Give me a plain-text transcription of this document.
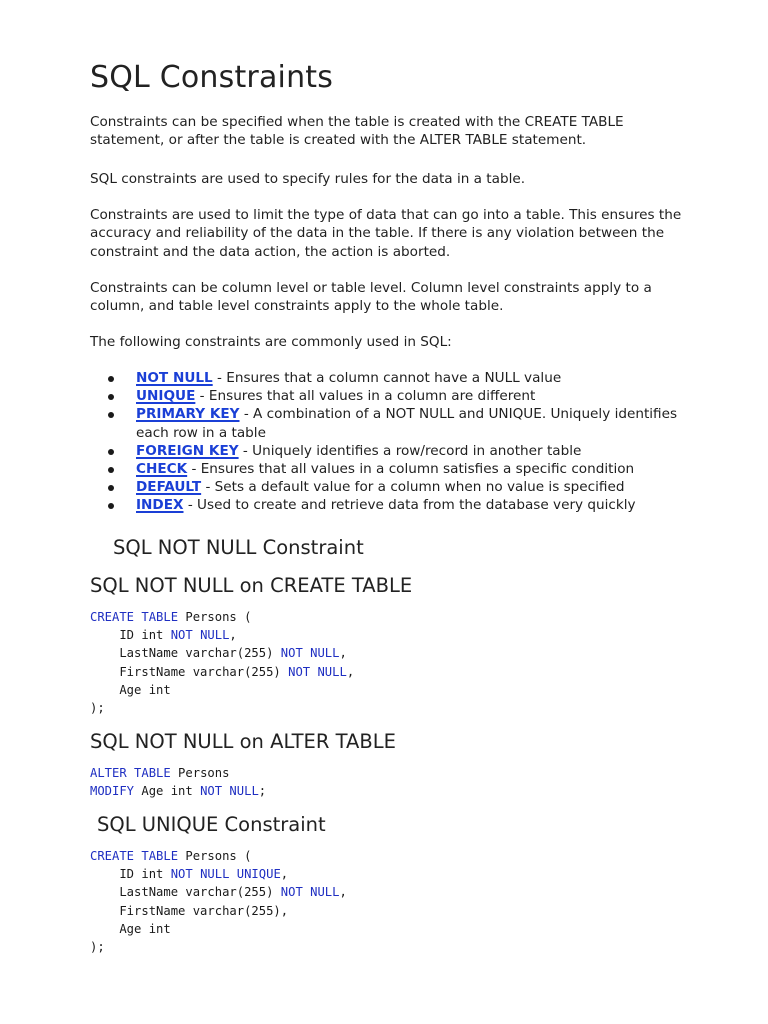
SQL Constraints

Constraints can be specified when the table is created with the CREATE TABLE statement, or after the table is created with the ALTER TABLE statement.

SQL constraints are used to specify rules for the data in a table.

Constraints are used to limit the type of data that can go into a table. This ensures the accuracy and reliability of the data in the table. If there is any violation between the constraint and the data action, the action is aborted.

Constraints can be column level or table level. Column level constraints apply to a column, and table level constraints apply to the whole table.

The following constraints are commonly used in SQL:

NOT NULL - Ensures that a column cannot have a NULL value
UNIQUE - Ensures that all values in a column are different
PRIMARY KEY - A combination of a NOT NULL and UNIQUE. Uniquely identifies each row in a table
FOREIGN KEY - Uniquely identifies a row/record in another table
CHECK - Ensures that all values in a column satisfies a specific condition
DEFAULT - Sets a default value for a column when no value is specified
INDEX - Used to create and retrieve data from the database very quickly
SQL NOT NULL Constraint
SQL NOT NULL on CREATE TABLE
CREATE TABLE Persons (
ID int NOT NULL,
LastName varchar(255) NOT NULL,
FirstName varchar(255) NOT NULL,
Age int
);
SQL NOT NULL on ALTER TABLE
ALTER TABLE Persons
MODIFY Age int NOT NULL;
SQL UNIQUE Constraint
CREATE TABLE Persons (
ID int NOT NULL UNIQUE,
LastName varchar(255) NOT NULL,
FirstName varchar(255),
Age int
);
